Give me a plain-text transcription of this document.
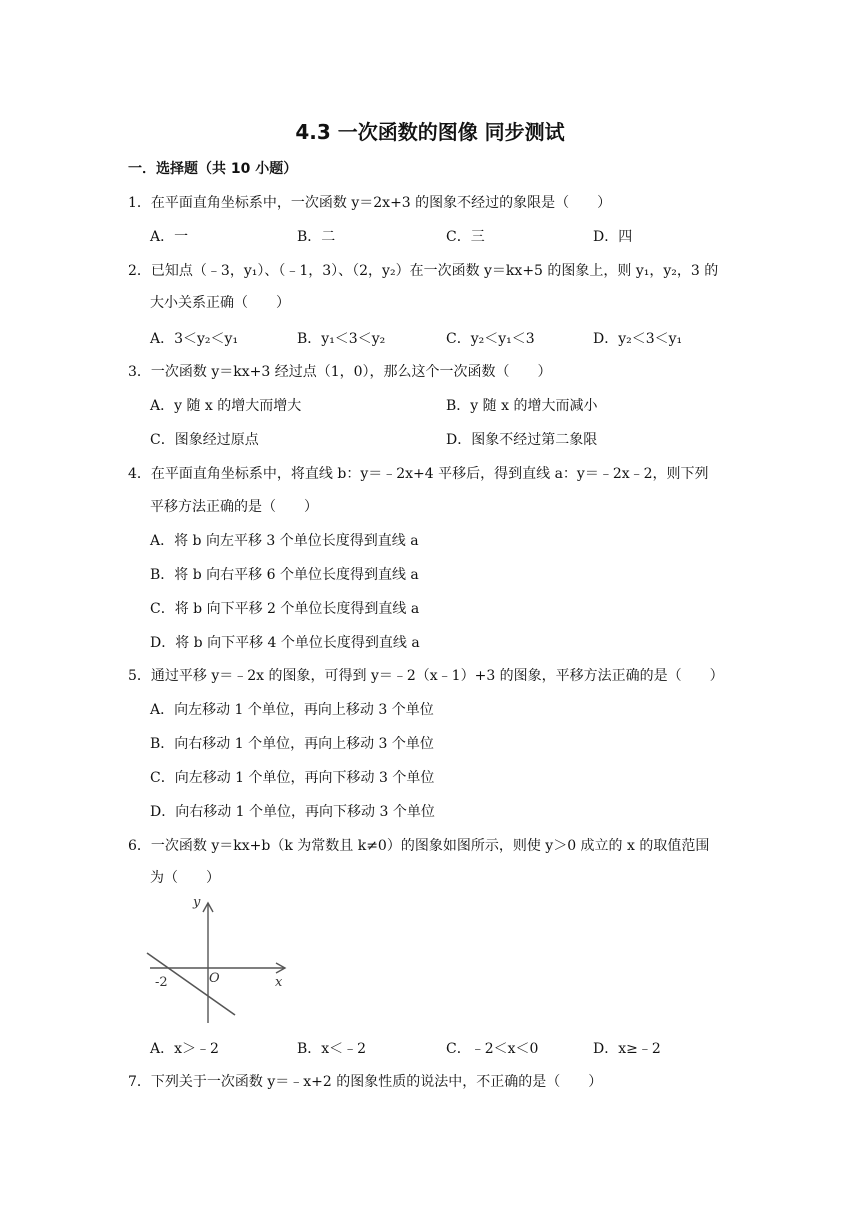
4.3 一次函数的图像 同步测试
一．选择题（共 10 小题）
1．在平面直角坐标系中，一次函数 y＝2x+3 的图象不经过的象限是（　　）
A．一	B．二	C．三	D．四
2．已知点（﹣3，y₁）、（﹣1，3）、（2，y₂）在一次函数 y＝kx+5 的图象上，则 y₁，y₂，3 的
大小关系正确（　　）
A．3＜y₂＜y₁	B．y₁＜3＜y₂	C．y₂＜y₁＜3	D．y₂＜3＜y₁
3．一次函数 y＝kx+3 经过点（1，0），那么这个一次函数（　　）
A．y 随 x 的增大而增大	B．y 随 x 的增大而减小
C．图象经过原点	D．图象不经过第二象限
4．在平面直角坐标系中，将直线 b：y＝﹣2x+4 平移后，得到直线 a：y＝﹣2x﹣2，则下列
平移方法正确的是（　　）
A．将 b 向左平移 3 个单位长度得到直线 a
B．将 b 向右平移 6 个单位长度得到直线 a
C．将 b 向下平移 2 个单位长度得到直线 a
D．将 b 向下平移 4 个单位长度得到直线 a
5．通过平移 y＝﹣2x 的图象，可得到 y＝﹣2（x﹣1）+3 的图象，平移方法正确的是（　　）
A．向左移动 1 个单位，再向上移动 3 个单位
B．向右移动 1 个单位，再向上移动 3 个单位
C．向左移动 1 个单位，再向下移动 3 个单位
D．向右移动 1 个单位，再向下移动 3 个单位
6．一次函数 y＝kx+b（k 为常数且 k≠0）的图象如图所示，则使 y＞0 成立的 x 的取值范围
为（　　）
y
x
O
-2
A．x＞﹣2	B．x＜﹣2	C．﹣2＜x＜0	D．x≥﹣2
7．下列关于一次函数 y＝﹣x+2 的图象性质的说法中，不正确的是（　　）
